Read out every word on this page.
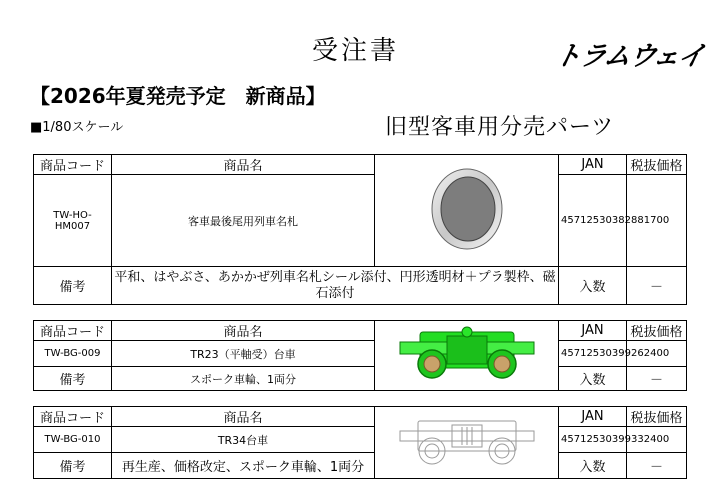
受注書	トラムウェイ
【2026年夏発売予定　新商品】
■1/80スケール	旧型客車用分売パーツ
商品コード	商品名		JAN	税抜価格
TW-HO-HM007	客車最後尾用列車名札		4571253038288	1700
備考	平和、はやぶさ、あかかぜ列車名札シール添付、円形透明材＋プラ製枠、磁石添付		入数	－
商品コード	商品名		JAN	税抜価格
TW-BG-009	TR23（平軸受）台車		4571253039926	2400
備考	スポーク車輪、1両分		入数	－
商品コード	商品名		JAN	税抜価格
TW-BG-010	TR34台車		4571253039933	2400
備考	再生産、価格改定、スポーク車輪、1両分		入数	－
